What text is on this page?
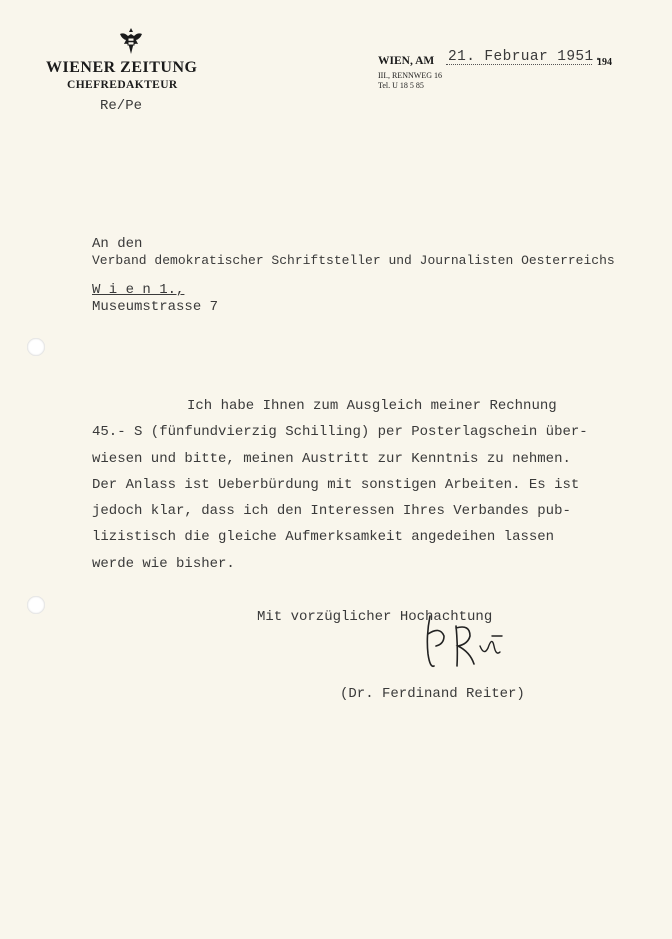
WIENER ZEITUNG
CHEFREDAKTEUR
Re/Pe
WIEN, AM 21. Februar 1951.
194
III., RENNWEG 16
Tel. U 18 5 85
An den
Verband demokratischer Schriftsteller und Journalisten Oesterreichs
W i e n 1.,
Museumstrasse 7
Ich habe Ihnen zum Ausgleich meiner Rechnung
45.- S (fünfundvierzig Schilling) per Posterlagschein über-
wiesen und bitte, meinen Austritt zur Kenntnis zu nehmen.
Der Anlass ist Ueberbürdung mit sonstigen Arbeiten. Es ist
jedoch klar, dass ich den Interessen Ihres Verbandes pub-
lizistisch die gleiche Aufmerksamkeit angedeihen lassen
werde wie bisher.
Mit vorzüglicher Hochachtung
(Dr. Ferdinand Reiter)
